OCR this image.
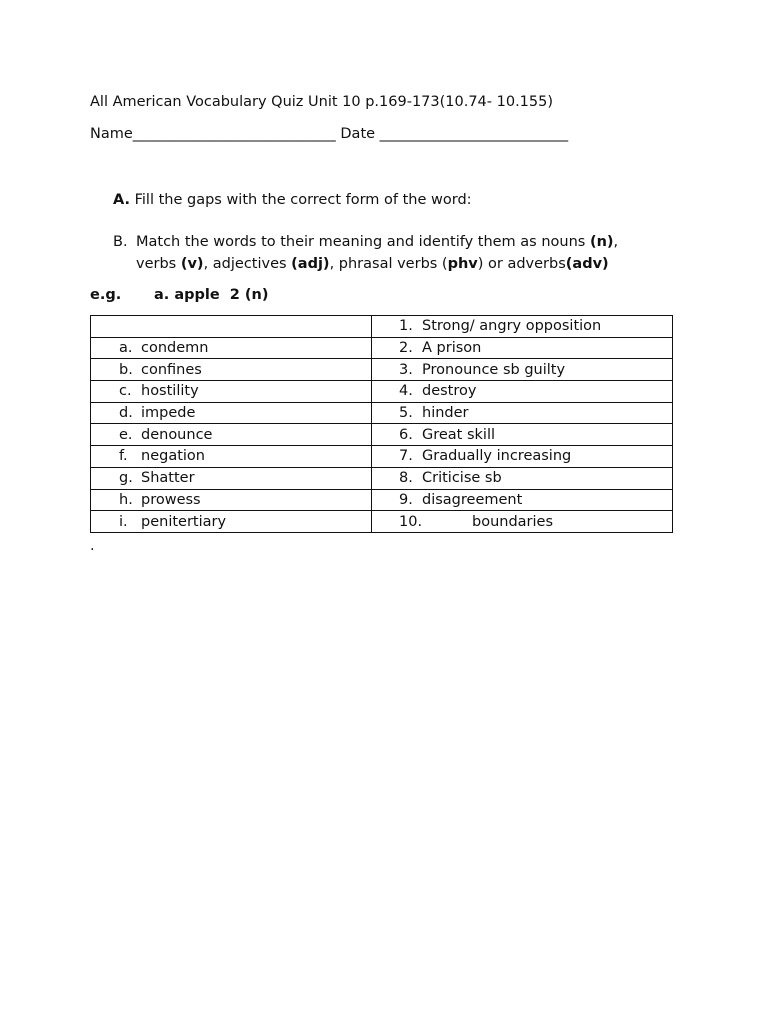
All American Vocabulary Quiz Unit 10 p.169-173(10.74- 10.155)
Name____________________________ Date __________________________
A. Fill the gaps with the correct form of the word:
B. Match the words to their meaning and identify them as nouns (n),
verbs (v), adjectives (adj), phrasal verbs (phv) or adverbs(adv)
e.g. a. apple  2 (n)
	1. Strong/ angry opposition
a. condemn	2. A prison
b. confines	3. Pronounce sb guilty
c. hostility	4. destroy
d. impede	5. hinder
e. denounce	6. Great skill
f. negation	7. Gradually increasing
g. Shatter	8. Criticise sb
h. prowess	9. disagreement
i. penitertiary	10. boundaries
.
